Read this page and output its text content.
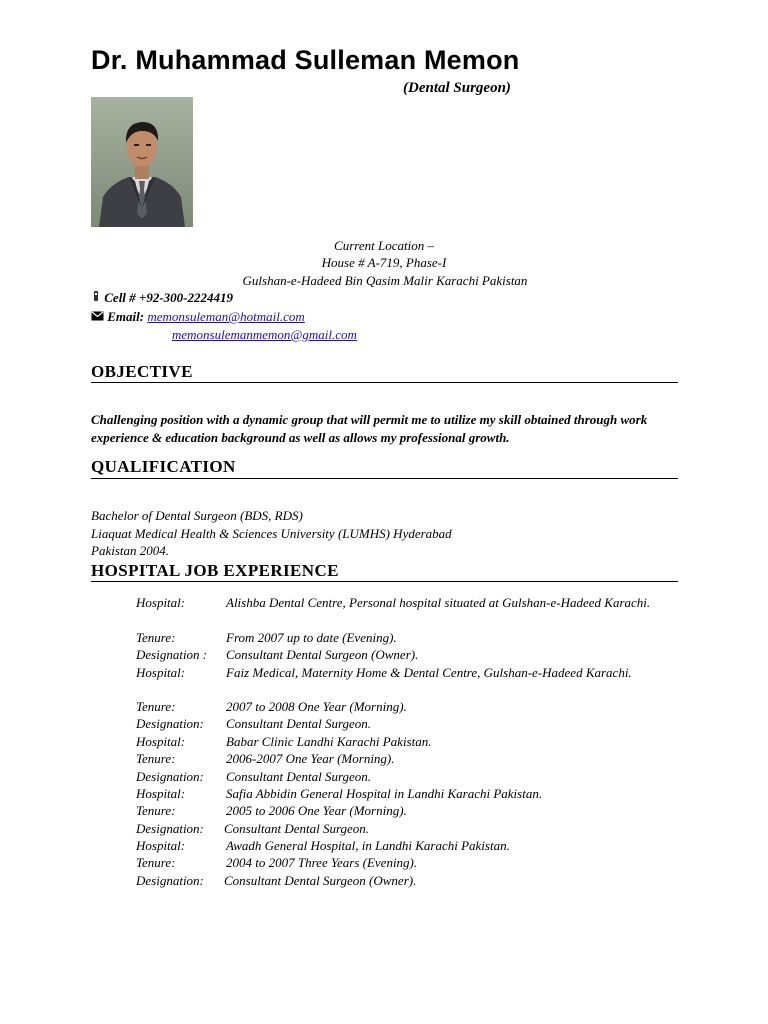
Dr. Muhammad Sulleman Memon
(Dental Surgeon)
Current Location –
House # A-719, Phase-I
Gulshan-e-Hadeed Bin Qasim Malir Karachi Pakistan
Cell # +92-300-2224419
Email: memonsuleman@hotmail.com
memonsulemanmemon@gmail.com
OBJECTIVE
Challenging position with a dynamic group that will permit me to utilize my skill obtained through work experience & education background as well as allows my professional growth.
QUALIFICATION
Bachelor of Dental Surgeon (BDS, RDS)
Liaquat Medical Health & Sciences University (LUMHS) Hyderabad
Pakistan 2004.
HOSPITAL JOB EXPERIENCE
Hospital:	Alishba Dental Centre, Personal hospital situated at Gulshan-e-Hadeed Karachi.
Tenure:	From 2007 up to date (Evening).
Designation : Consultant Dental Surgeon (Owner).
Hospital:	Faiz Medical, Maternity Home & Dental Centre, Gulshan-e-Hadeed Karachi.
Tenure:	2007 to 2008 One Year (Morning).
Designation: Consultant Dental Surgeon.
Hospital:	Babar Clinic Landhi Karachi Pakistan.
Tenure:	2006-2007 One Year (Morning).
Designation: Consultant Dental Surgeon.
Hospital:	Safia Abbidin General Hospital in Landhi Karachi Pakistan.
Tenure:	2005 to 2006 One Year (Morning).
Designation: Consultant Dental Surgeon.
Hospital:	Awadh General Hospital, in Landhi Karachi Pakistan.
Tenure:	2004 to 2007 Three Years (Evening).
Designation: Consultant Dental Surgeon (Owner).
